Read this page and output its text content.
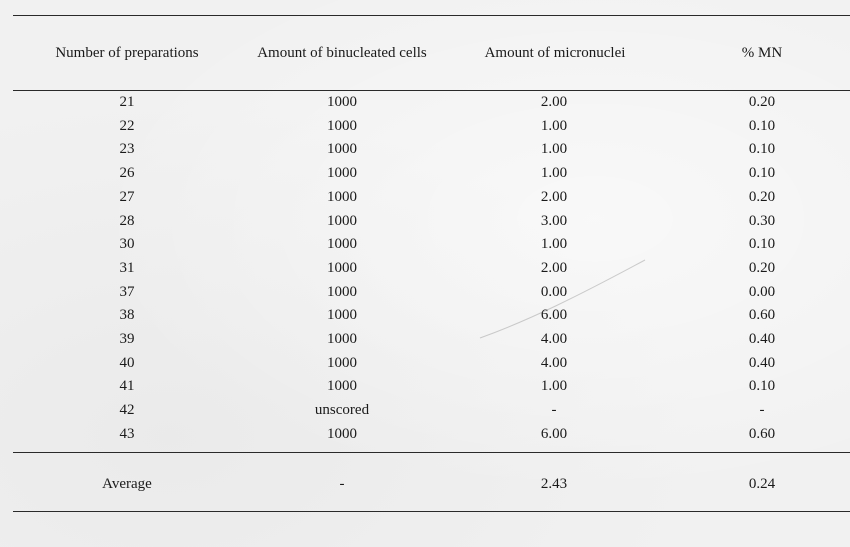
Number of preparations	Amount of binucleated cells	Amount of micronuclei	% MN
21	1000	2.00	0.20
22	1000	1.00	0.10
23	1000	1.00	0.10
26	1000	1.00	0.10
27	1000	2.00	0.20
28	1000	3.00	0.30
30	1000	1.00	0.10
31	1000	2.00	0.20
37	1000	0.00	0.00
38	1000	6.00	0.60
39	1000	4.00	0.40
40	1000	4.00	0.40
41	1000	1.00	0.10
42	unscored	-	-
43	1000	6.00	0.60
Average	-	2.43	0.24
